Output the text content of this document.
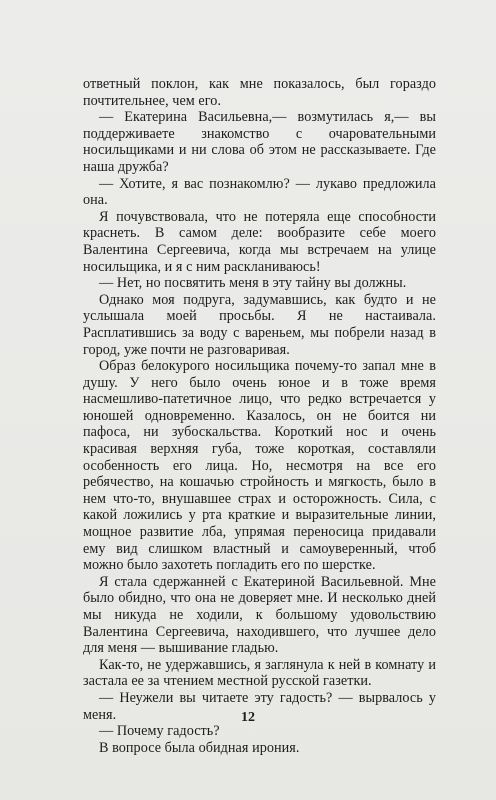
ответный поклон, как мне показалось, был гораздо почтительнее, чем его.

— Екатерина Васильевна,— возмутилась я,— вы поддерживаете знакомство с очаровательными носильщиками и ни слова об этом не рассказываете. Где наша дружба?

— Хотите, я вас познакомлю? — лукаво предложила она.

Я почувствовала, что не потеряла еще способности краснеть. В самом деле: вообразите себе моего Валентина Сергеевича, когда мы встречаем на улице носильщика, и я с ним раскланиваюсь!

— Нет, но посвятить меня в эту тайну вы должны.

Однако моя подруга, задумавшись, как будто и не услышала моей просьбы. Я не настаивала. Расплатившись за воду с вареньем, мы побрели назад в город, уже почти не разговаривая.

Образ белокурого носильщика почему-то запал мне в душу. У него было очень юное и в тоже время насмешливо-патетичное лицо, что редко встречается у юношей одновременно. Казалось, он не боится ни пафоса, ни зубоскальства. Короткий нос и очень красивая верхняя губа, тоже короткая, составляли особенность его лица. Но, несмотря на все его ребячество, на кошачью стройность и мягкость, было в нем что-то, внушавшее страх и осторожность. Сила, с какой ложились у рта краткие и выразительные линии, мощное развитие лба, упрямая переносица придавали ему вид слишком властный и самоуверенный, чтоб можно было захотеть погладить его по шерстке.

Я стала сдержанней с Екатериной Васильевной. Мне было обидно, что она не доверяет мне. И несколько дней мы никуда не ходили, к большому удовольствию Валентина Сергеевича, находившего, что лучшее дело для меня — вышивание гладью.

Как-то, не удержавшись, я заглянула к ней в комнату и застала ее за чтением местной русской газетки.

— Неужели вы читаете эту гадость? — вырвалось у меня.

— Почему гадость?

В вопросе была обидная ирония.

12
